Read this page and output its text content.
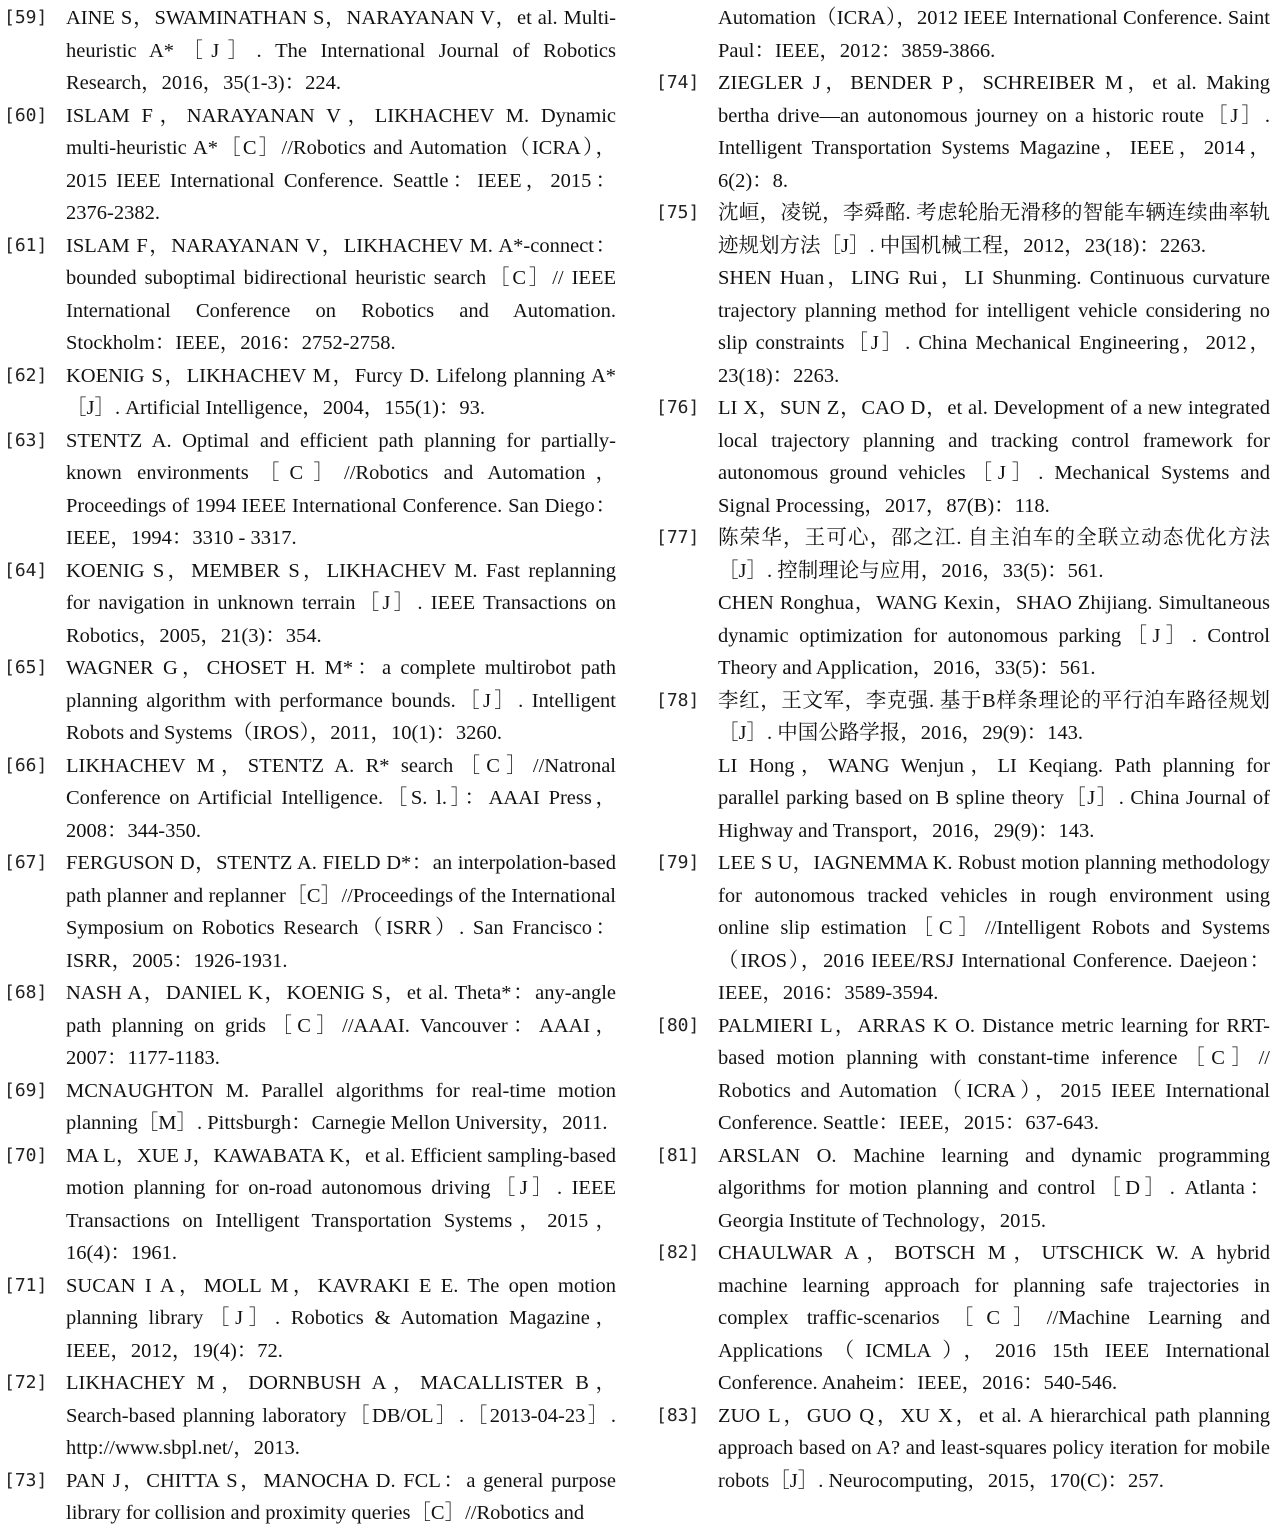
[59] AINE S，SWAMINATHAN S，NARAYANAN V，et al. Multi-heuristic A*［J］. The International Journal of Robotics Research，2016，35(1-3)：224.
[60] ISLAM F，NARAYANAN V，LIKHACHEV M. Dynamic multi-heuristic A*［C］//Robotics and Automation（ICRA），2015 IEEE International Conference. Seattle：IEEE，2015：2376-2382.
[61] ISLAM F，NARAYANAN V，LIKHACHEV M. A*-connect：bounded suboptimal bidirectional heuristic search［C］// IEEE International Conference on Robotics and Automation. Stockholm：IEEE，2016：2752-2758.
[62] KOENIG S，LIKHACHEV M，Furcy D. Lifelong planning A*［J］. Artificial Intelligence，2004，155(1)：93.
[63] STENTZ A. Optimal and efficient path planning for partially-known environments［C］//Robotics and Automation，Proceedings of 1994 IEEE International Conference. San Diego：IEEE，1994：3310 - 3317.
[64] KOENIG S，MEMBER S，LIKHACHEV M. Fast replanning for navigation in unknown terrain［J］. IEEE Transactions on Robotics，2005，21(3)：354.
[65] WAGNER G，CHOSET H. M*：a complete multirobot path planning algorithm with performance bounds.［J］. Intelligent Robots and Systems（IROS），2011，10(1)：3260.
[66] LIKHACHEV M，STENTZ A. R* search［C］//Natronal Conference on Artificial Intelligence.［S. l.］：AAAI Press，2008：344-350.
[67] FERGUSON D，STENTZ A. FIELD D*：an interpolation-based path planner and replanner［C］//Proceedings of the International Symposium on Robotics Research（ISRR）. San Francisco：ISRR，2005：1926-1931.
[68] NASH A，DANIEL K，KOENIG S，et al. Theta*：any-angle path planning on grids［C］//AAAI. Vancouver：AAAI，2007：1177-1183.
[69] MCNAUGHTON M. Parallel algorithms for real-time motion planning［M］. Pittsburgh：Carnegie Mellon University，2011.
[70] MA L，XUE J，KAWABATA K，et al. Efficient sampling-based motion planning for on-road autonomous driving［J］. IEEE Transactions on Intelligent Transportation Systems，2015，16(4)：1961.
[71] SUCAN I A，MOLL M，KAVRAKI E E. The open motion planning library［J］. Robotics & Automation Magazine，IEEE，2012，19(4)：72.
[72] LIKHACHEY M，DORNBUSH A，MACALLISTER B，Search-based planning laboratory［DB/OL］.［2013-04-23］. http://www.sbpl.net/，2013.
[73] PAN J，CHITTA S，MANOCHA D. FCL：a general purpose library for collision and proximity queries［C］//Robotics and
Automation（ICRA），2012 IEEE International Conference. Saint Paul：IEEE，2012：3859-3866.
[74] ZIEGLER J，BENDER P，SCHREIBER M，et al. Making bertha drive—an autonomous journey on a historic route［J］. Intelligent Transportation Systems Magazine，IEEE，2014，6(2)：8.
[75] 沈峘，凌锐，李舜酩. 考虑轮胎无滑移的智能车辆连续曲率轨迹规划方法［J］. 中国机械工程，2012，23(18)：2263.
SHEN Huan，LING Rui，LI Shunming. Continuous curvature trajectory planning method for intelligent vehicle considering no slip constraints［J］. China Mechanical Engineering，2012，23(18)：2263.
[76] LI X，SUN Z，CAO D，et al. Development of a new integrated local trajectory planning and tracking control framework for autonomous ground vehicles［J］. Mechanical Systems and Signal Processing，2017，87(B)：118.
[77] 陈荣华，王可心，邵之江. 自主泊车的全联立动态优化方法［J］. 控制理论与应用，2016，33(5)：561.
CHEN Ronghua，WANG Kexin，SHAO Zhijiang. Simultaneous dynamic optimization for autonomous parking［J］. Control Theory and Application，2016，33(5)：561.
[78] 李红，王文军，李克强. 基于B样条理论的平行泊车路径规划［J］. 中国公路学报，2016，29(9)：143.
LI Hong，WANG Wenjun，LI Keqiang. Path planning for parallel parking based on B spline theory［J］. China Journal of Highway and Transport，2016，29(9)：143.
[79] LEE S U，IAGNEMMA K. Robust motion planning methodology for autonomous tracked vehicles in rough environment using online slip estimation［C］//Intelligent Robots and Systems（IROS），2016 IEEE/RSJ International Conference. Daejeon：IEEE，2016：3589-3594.
[80] PALMIERI L，ARRAS K O. Distance metric learning for RRT-based motion planning with constant-time inference［C］// Robotics and Automation（ICRA），2015 IEEE International Conference. Seattle：IEEE，2015：637-643.
[81] ARSLAN O. Machine learning and dynamic programming algorithms for motion planning and control［D］. Atlanta：Georgia Institute of Technology，2015.
[82] CHAULWAR A，BOTSCH M，UTSCHICK W. A hybrid machine learning approach for planning safe trajectories in complex traffic-scenarios［C］//Machine Learning and Applications（ICMLA），2016 15th IEEE International Conference. Anaheim：IEEE，2016：540-546.
[83] ZUO L，GUO Q，XU X，et al. A hierarchical path planning approach based on A? and least-squares policy iteration for mobile robots［J］. Neurocomputing，2015，170(C)：257.
